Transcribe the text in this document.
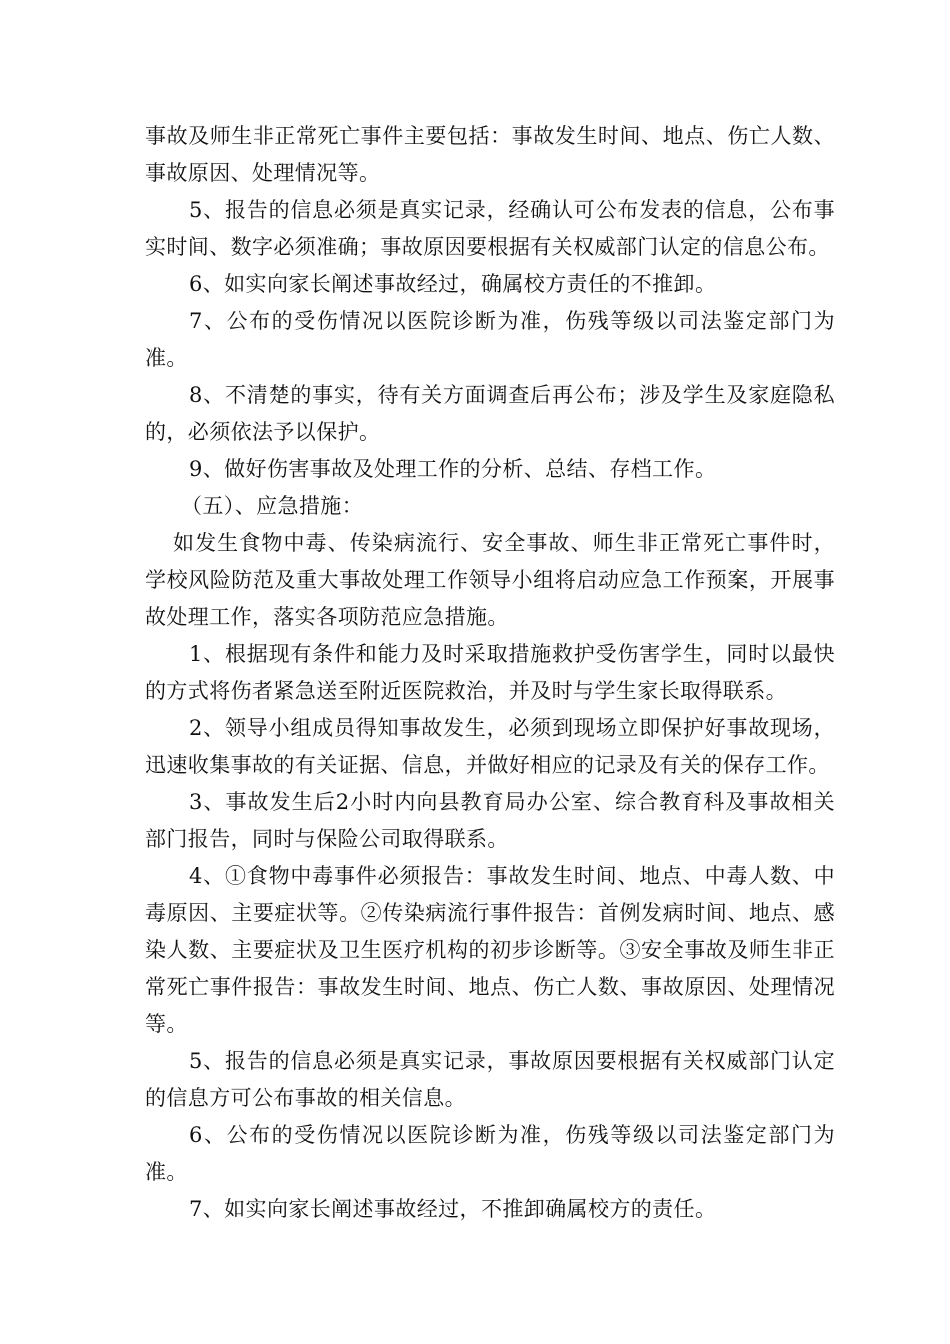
事故及师生非正常死亡事件主要包括：事故发生时间、地点、伤亡人数、事故原因、处理情况等。

5、报告的信息必须是真实记录，经确认可公布发表的信息，公布事实时间、数字必须准确；事故原因要根据有关权威部门认定的信息公布。

6、如实向家长阐述事故经过，确属校方责任的不推卸。

7、公布的受伤情况以医院诊断为准，伤残等级以司法鉴定部门为准。

8、不清楚的事实，待有关方面调查后再公布；涉及学生及家庭隐私的，必须依法予以保护。

9、做好伤害事故及处理工作的分析、总结、存档工作。

（五）、应急措施：

如发生食物中毒、传染病流行、安全事故、师生非正常死亡事件时，学校风险防范及重大事故处理工作领导小组将启动应急工作预案，开展事故处理工作，落实各项防范应急措施。

1、根据现有条件和能力及时采取措施救护受伤害学生，同时以最快的方式将伤者紧急送至附近医院救治，并及时与学生家长取得联系。

2、领导小组成员得知事故发生，必须到现场立即保护好事故现场，迅速收集事故的有关证据、信息，并做好相应的记录及有关的保存工作。

3、事故发生后2小时内向县教育局办公室、综合教育科及事故相关部门报告，同时与保险公司取得联系。

4、①食物中毒事件必须报告：事故发生时间、地点、中毒人数、中毒原因、主要症状等。②传染病流行事件报告：首例发病时间、地点、感染人数、主要症状及卫生医疗机构的初步诊断等。③安全事故及师生非正常死亡事件报告：事故发生时间、地点、伤亡人数、事故原因、处理情况等。

5、报告的信息必须是真实记录，事故原因要根据有关权威部门认定的信息方可公布事故的相关信息。

6、公布的受伤情况以医院诊断为准，伤残等级以司法鉴定部门为准。

7、如实向家长阐述事故经过，不推卸确属校方的责任。
